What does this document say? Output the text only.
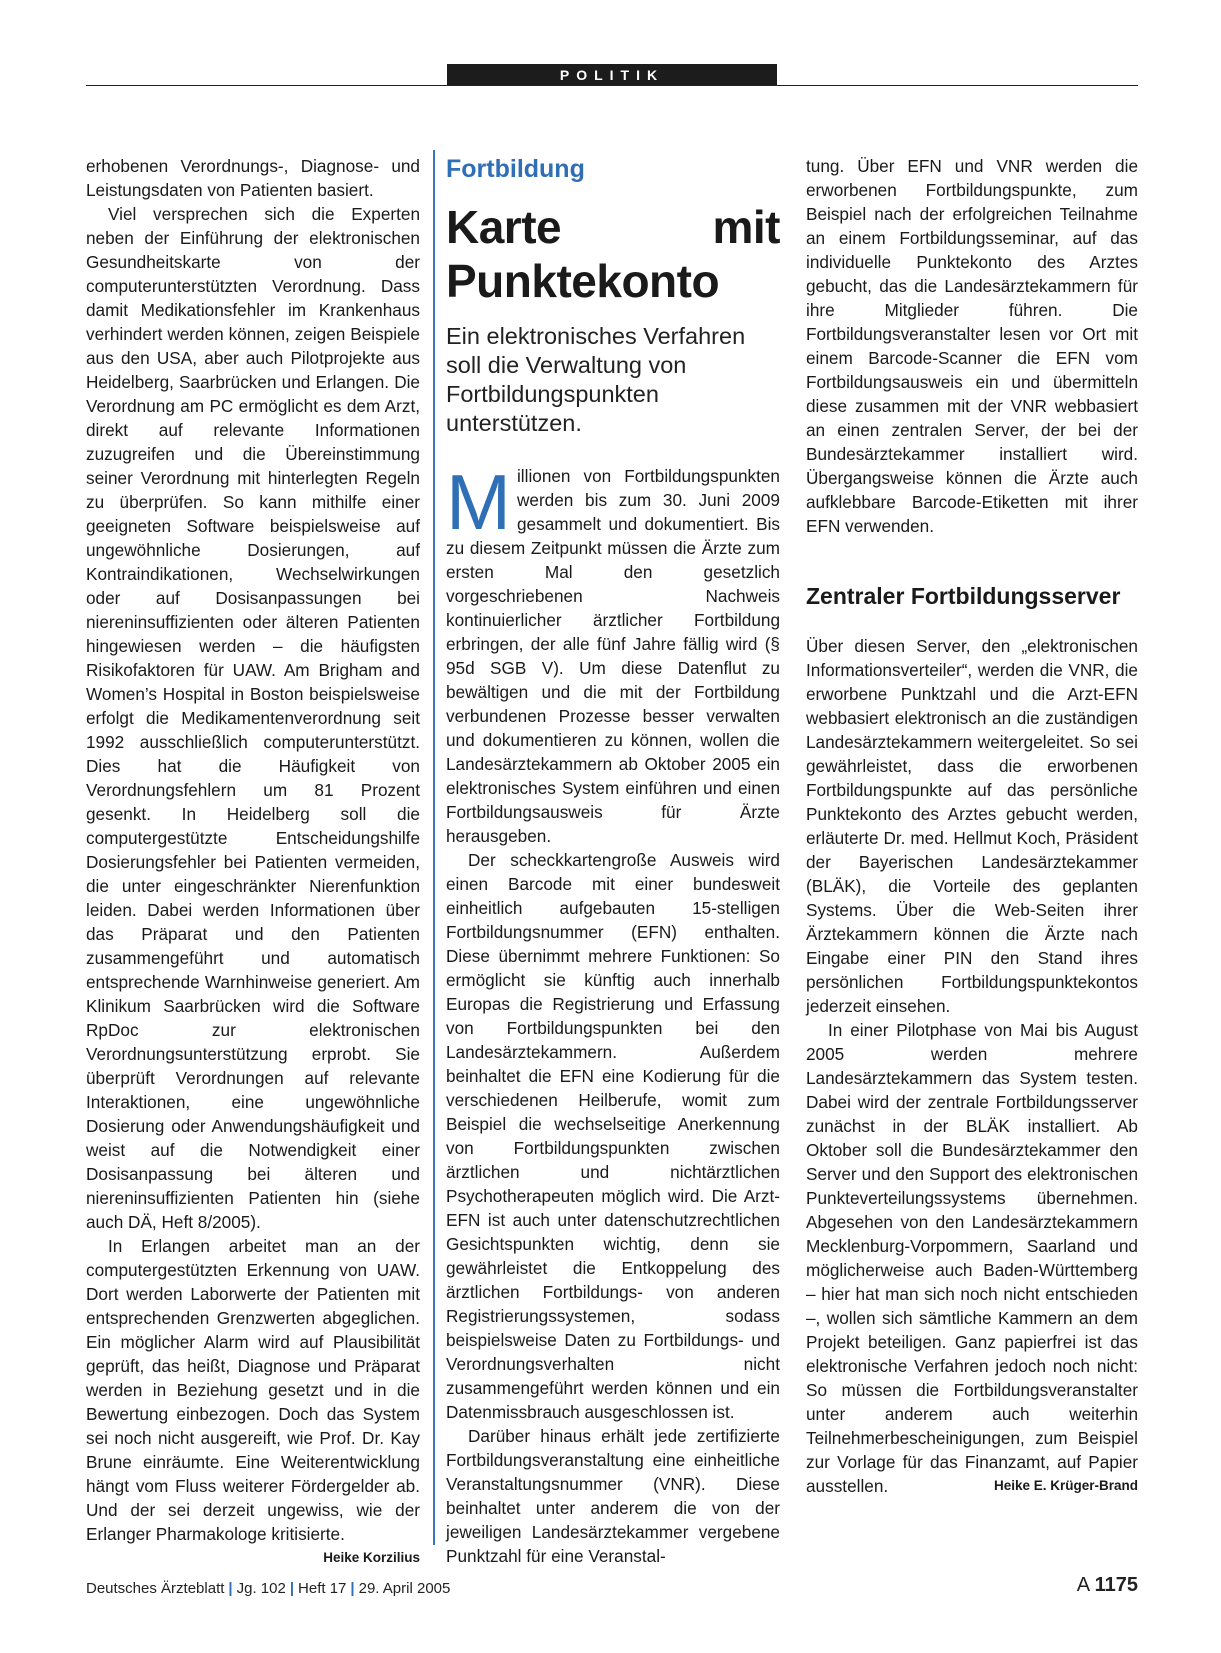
POLITIK

erhobenen Verordnungs-, Diagnose- und Leistungsdaten von Patienten basiert.

Viel versprechen sich die Experten neben der Einführung der elektronischen Gesundheitskarte von der computerunterstützten Verordnung. Dass damit Medikationsfehler im Krankenhaus verhindert werden können, zeigen Beispiele aus den USA, aber auch Pilotprojekte aus Heidelberg, Saarbrücken und Erlangen. Die Verordnung am PC ermöglicht es dem Arzt, direkt auf relevante Informationen zuzugreifen und die Übereinstimmung seiner Verordnung mit hinterlegten Regeln zu überprüfen. So kann mithilfe einer geeigneten Software beispielsweise auf ungewöhnliche Dosierungen, auf Kontraindikationen, Wechselwirkungen oder auf Dosisanpassungen bei niereninsuffizienten oder älteren Patienten hingewiesen werden – die häufigsten Risikofaktoren für UAW. Am Brigham and Women’s Hospital in Boston beispielsweise erfolgt die Medikamentenverordnung seit 1992 ausschließlich computerunterstützt. Dies hat die Häufigkeit von Verordnungsfehlern um 81 Prozent gesenkt. In Heidelberg soll die computergestützte Entscheidungshilfe Dosierungsfehler bei Patienten vermeiden, die unter eingeschränkter Nierenfunktion leiden. Dabei werden Informationen über das Präparat und den Patienten zusammengeführt und automatisch entsprechende Warnhinweise generiert. Am Klinikum Saarbrücken wird die Software RpDoc zur elektronischen Verordnungsunterstützung erprobt. Sie überprüft Verordnungen auf relevante Interaktionen, eine ungewöhnliche Dosierung oder Anwendungshäufigkeit und weist auf die Notwendigkeit einer Dosisanpassung bei älteren und niereninsuffizienten Patienten hin (siehe auch DÄ, Heft 8/2005).

In Erlangen arbeitet man an der computergestützten Erkennung von UAW. Dort werden Laborwerte der Patienten mit entsprechenden Grenzwerten abgeglichen. Ein möglicher Alarm wird auf Plausibilität geprüft, das heißt, Diagnose und Präparat werden in Beziehung gesetzt und in die Bewertung einbezogen. Doch das System sei noch nicht ausgereift, wie Prof. Dr. Kay Brune einräumte. Eine Weiterentwicklung hängt vom Fluss weiterer Fördergelder ab. Und der sei derzeit ungewiss, wie der Erlanger Pharmakologe kritisierte.
Heike Korzilius

Fortbildung
Karte mit Punktekonto
Ein elektronisches Verfahren soll die Verwaltung von Fortbildungspunkten unterstützen.

Millionen von Fortbildungspunkten werden bis zum 30. Juni 2009 gesammelt und dokumentiert. Bis zu diesem Zeitpunkt müssen die Ärzte zum ersten Mal den gesetzlich vorgeschriebenen Nachweis kontinuierlicher ärztlicher Fortbildung erbringen, der alle fünf Jahre fällig wird (§ 95d SGB V). Um diese Datenflut zu bewältigen und die mit der Fortbildung verbundenen Prozesse besser verwalten und dokumentieren zu können, wollen die Landesärztekammern ab Oktober 2005 ein elektronisches System einführen und einen Fortbildungsausweis für Ärzte herausgeben.

Der scheckkartengroße Ausweis wird einen Barcode mit einer bundesweit einheitlich aufgebauten 15-stelligen Fortbildungsnummer (EFN) enthalten. Diese übernimmt mehrere Funktionen: So ermöglicht sie künftig auch innerhalb Europas die Registrierung und Erfassung von Fortbildungspunkten bei den Landesärztekammern. Außerdem beinhaltet die EFN eine Kodierung für die verschiedenen Heilberufe, womit zum Beispiel die wechselseitige Anerkennung von Fortbildungspunkten zwischen ärztlichen und nichtärztlichen Psychotherapeuten möglich wird. Die Arzt-EFN ist auch unter datenschutzrechtlichen Gesichtspunkten wichtig, denn sie gewährleistet die Entkoppelung des ärztlichen Fortbildungs- von anderen Registrierungssystemen, sodass beispielsweise Daten zu Fortbildungs- und Verordnungsverhalten nicht zusammengeführt werden können und ein Datenmissbrauch ausgeschlossen ist.

Darüber hinaus erhält jede zertifizierte Fortbildungsveranstaltung eine einheitliche Veranstaltungsnummer (VNR). Diese beinhaltet unter anderem die von der jeweiligen Landesärztekammer vergebene Punktzahl für eine Veranstal-

tung. Über EFN und VNR werden die erworbenen Fortbildungspunkte, zum Beispiel nach der erfolgreichen Teilnahme an einem Fortbildungsseminar, auf das individuelle Punktekonto des Arztes gebucht, das die Landesärztekammern für ihre Mitglieder führen. Die Fortbildungsveranstalter lesen vor Ort mit einem Barcode-Scanner die EFN vom Fortbildungsausweis ein und übermitteln diese zusammen mit der VNR webbasiert an einen zentralen Server, der bei der Bundesärztekammer installiert wird. Übergangsweise können die Ärzte auch aufklebbare Barcode-Etiketten mit ihrer EFN verwenden.

Zentraler Fortbildungsserver

Über diesen Server, den „elektronischen Informationsverteiler“, werden die VNR, die erworbene Punktzahl und die Arzt-EFN webbasiert elektronisch an die zuständigen Landesärztekammern weitergeleitet. So sei gewährleistet, dass die erworbenen Fortbildungspunkte auf das persönliche Punktekonto des Arztes gebucht werden, erläuterte Dr. med. Hellmut Koch, Präsident der Bayerischen Landesärztekammer (BLÄK), die Vorteile des geplanten Systems. Über die Web-Seiten ihrer Ärztekammern können die Ärzte nach Eingabe einer PIN den Stand ihres persönlichen Fortbildungspunktekontos jederzeit einsehen.

In einer Pilotphase von Mai bis August 2005 werden mehrere Landesärztekammern das System testen. Dabei wird der zentrale Fortbildungsserver zunächst in der BLÄK installiert. Ab Oktober soll die Bundesärztekammer den Server und den Support des elektronischen Punkteverteilungssystems übernehmen. Abgesehen von den Landesärztekammern Mecklenburg-Vorpommern, Saarland und möglicherweise auch Baden-Württemberg – hier hat man sich noch nicht entschieden –, wollen sich sämtliche Kammern an dem Projekt beteiligen. Ganz papierfrei ist das elektronische Verfahren jedoch noch nicht: So müssen die Fortbildungsveranstalter unter anderem auch weiterhin Teilnehmerbescheinigungen, zum Beispiel zur Vorlage für das Finanzamt, auf Papier ausstellen.	Heike E. Krüger-Brand

Deutsches Ärzteblatt | Jg. 102 | Heft 17 | 29. April 2005	A 1175
